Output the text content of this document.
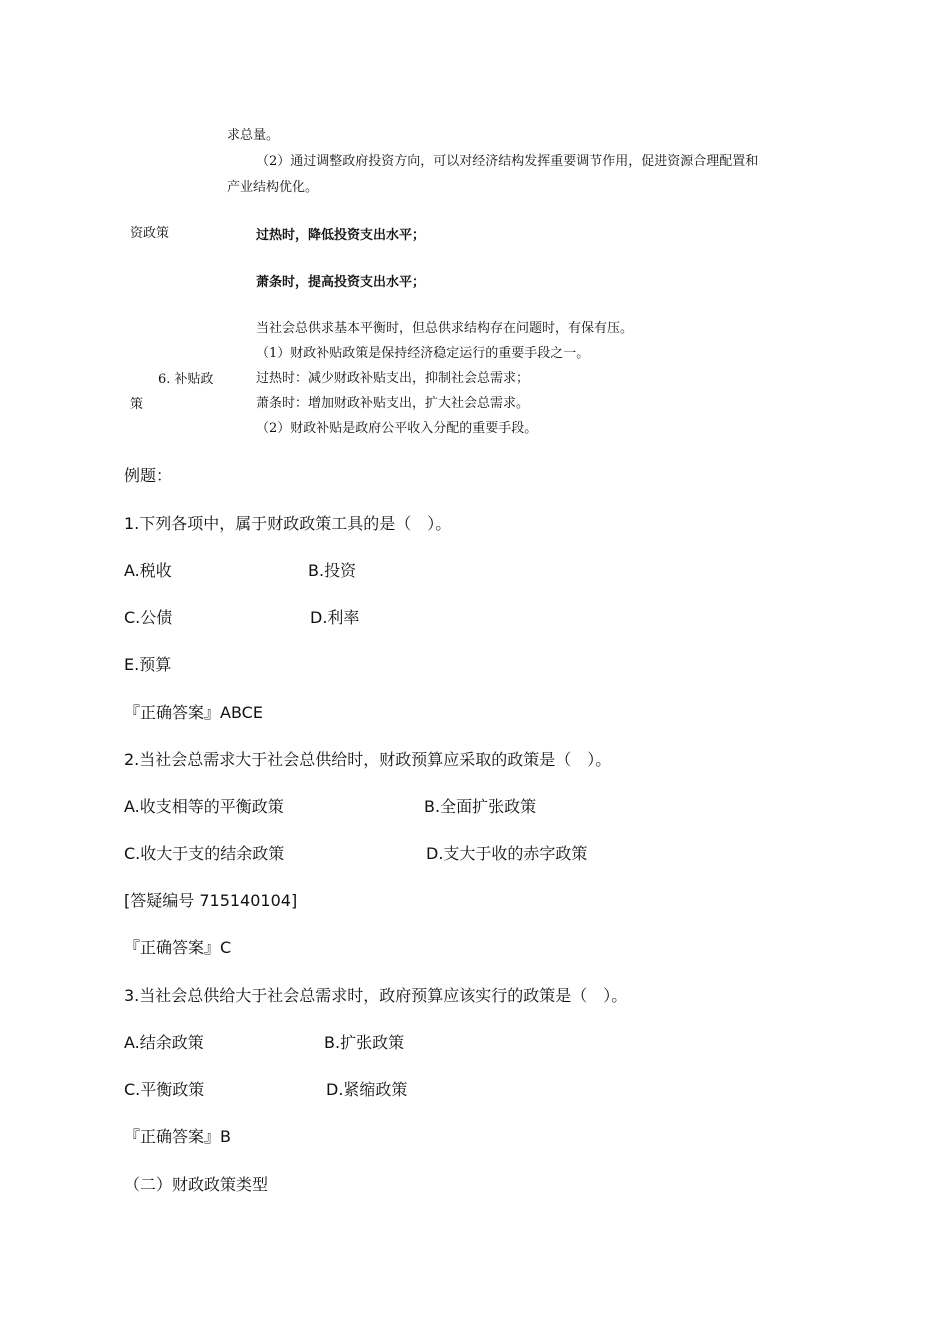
求总量。
（2）通过调整政府投资方向，可以对经济结构发挥重要调节作用，促进资源合理配置和
产业结构优化。
资政策	过热时，降低投资支出水平；
萧条时，提高投资支出水平；
当社会总供求基本平衡时，但总供求结构存在问题时，有保有压。
（1）财政补贴政策是保持经济稳定运行的重要手段之一。
6. 补贴政	过热时：减少财政补贴支出，抑制社会总需求；
策	萧条时：增加财政补贴支出，扩大社会总需求。
（2）财政补贴是政府公平收入分配的重要手段。
例题：
1.下列各项中，属于财政政策工具的是（　）。
A.税收	B.投资
C.公债	D.利率
E.预算
『正确答案』ABCE
2.当社会总需求大于社会总供给时，财政预算应采取的政策是（　）。
A.收支相等的平衡政策	B.全面扩张政策
C.收大于支的结余政策	D.支大于收的赤字政策
[答疑编号 715140104]
『正确答案』C
3.当社会总供给大于社会总需求时，政府预算应该实行的政策是（　）。
A.结余政策	B.扩张政策
C.平衡政策	D.紧缩政策
『正确答案』B
（二）财政政策类型
